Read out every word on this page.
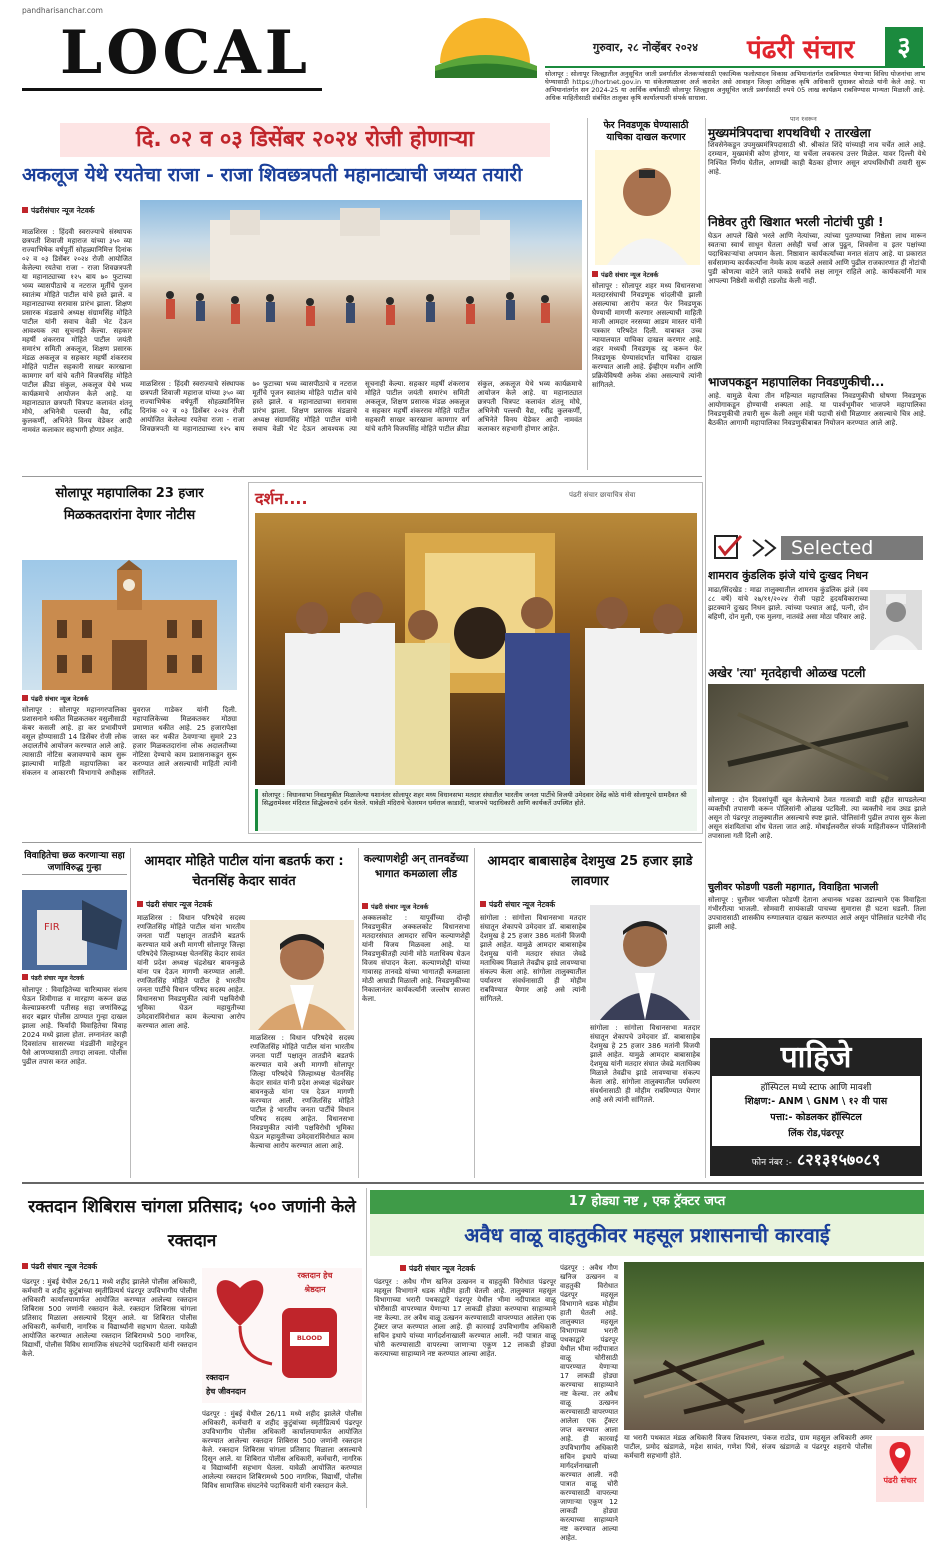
pandharisanchar.com
LOCAL	गुरुवार, २८ नोव्हेंबर २०२४ पंढरी संचार	३
सोलापूर : सोलापूर जिल्ह्यातील अनुसूचित जाती प्रवर्गातील शेतकऱ्यांसाठी एकात्मिक फलोत्पादन विकास अभियानांतर्गत राबविण्यात येणाऱ्या विविध योजनांचा लाभ घेण्यासाठी https://hortnet.gov.in या संकेतस्थळावर अर्ज करावेत असे आवाहन जिल्हा अधिक्षक कृषि अधिकारी सुधाकर बोराळे यांनी केले आहे. या अभियानांतर्गत सन 2024-25 या आर्थिक वर्षासाठी सोलापूर जिल्ह्यास अनुसूचित जाती प्रवर्गासाठी रुपये 05 लाख कार्यक्रम राबविण्यास मान्यता मिळाली आहे. अधिक माहितीसाठी संबंधित तालुका कृषि कार्यालयाशी संपर्क साधावा.
दि. ०२ व ०३ डिसेंबर २०२४ रोजी होणाऱ्या
अकलूज येथे रयतेचा राजा - राजा शिवछत्रपती महानाट्याची जय्यत तयारी
पंढरीसंचार न्यूज नेटवर्क
माळशिरस : हिंदवी स्वराज्याचे संस्थापक छत्रपती शिवाजी महाराज यांच्या ३५० व्या राज्याभिषेक वर्षपूर्ती सोहळ्यानिमित्त दिनांक ०२ व ०३ डिसेंबर २०२४ रोजी आयोजित केलेल्या रयतेचा राजा - राजा शिवछत्रपती या महानाट्याच्या १२५ बाय ७० फुटाच्या भव्य व्यासपीठाचे व नटराज मूर्तीचे पूजन स्वातंत्र्य मोहिते पाटील यांचे हस्ते झाले. व महानाट्याच्या सरावास प्रारंभ झाला. शिक्षण प्रसारक मंडळाचे अध्यक्ष संग्रामसिंह मोहिते पाटील यांनी सवाच वेळी भेट देऊन आवश्यक त्या सूचनाही केल्या. सहकार महर्षी शंकरराव मोहिते पाटील जयंती समारंभ समिती अकलूज, शिक्षण प्रसारक मंडळ अकलूज व सहकार महर्षी शंकरराव मोहिते पाटील सहकारी साखर कारखाना कामगार वर्ग यांचे वतीने विजयसिंह मोहिते पाटील क्रीडा संकुल, अकलूज येथे भव्य कार्यक्रमाचे आयोजन केले आहे. या महानाट्यात छत्रपती चित्रपट कलावंत शंतनू मोघे, अभिनेत्री पल्लवी वैद्य, रवींद्र कुलकर्णी, अभिनेते विनय येडेकर आदी नामवंत कलाकार सहभागी होणार आहेत.
माळशिरस : हिंदवी स्वराज्याचे संस्थापक छत्रपती शिवाजी महाराज यांच्या ३५० व्या राज्याभिषेक वर्षपूर्ती सोहळ्यानिमित्त दिनांक ०२ व ०३ डिसेंबर २०२४ रोजी आयोजित केलेल्या रयतेचा राजा - राजा शिवछत्रपती या महानाट्याच्या १२५ बाय ७० फुटाच्या भव्य व्यासपीठाचे व नटराज मूर्तीचे पूजन स्वातंत्र्य मोहिते पाटील यांचे हस्ते झाले. व महानाट्याच्या सरावास प्रारंभ झाला. शिक्षण प्रसारक मंडळाचे अध्यक्ष संग्रामसिंह मोहिते पाटील यांनी सवाच वेळी भेट देऊन आवश्यक त्या सूचनाही केल्या. सहकार महर्षी शंकरराव मोहिते पाटील जयंती समारंभ समिती अकलूज, शिक्षण प्रसारक मंडळ अकलूज व सहकार महर्षी शंकरराव मोहिते पाटील सहकारी साखर कारखाना कामगार वर्ग यांचे वतीने विजयसिंह मोहिते पाटील क्रीडा संकुल, अकलूज येथे भव्य कार्यक्रमाचे आयोजन केले आहे. या महानाट्यात छत्रपती चित्रपट कलावंत शंतनू मोघे, अभिनेत्री पल्लवी वैद्य, रवींद्र कुलकर्णी, अभिनेते विनय येडेकर आदी नामवंत कलाकार सहभागी होणार आहेत.
फेर निवडणूक घेण्यासाठी याचिका दाखल करणार
पंढरी संचार न्यूज नेटवर्क
सोलापूर : सोलापूर शहर मध्य विधानसभा मतदारसंघाची निवडणूक धांदलीची झाली असल्याचा आरोप करत फेर निवडणूक घेण्याची मागणी करणार असल्याची माहिती माजी आमदार नरसय्या आडम मास्तर यांनी पत्रकार परिषदेत दिली. याबाबत उच्च न्यायालयात याचिका दाखल करणार आहे. शहर मध्यची निवडणूक रद्द करून फेर निवडणूक घेण्यासंदर्भात याचिका दाखल करण्यात आली आहे. ईव्हीएम मशीन आणि प्रक्रियेविषयी अनेक शंका असल्याचे त्यांनी सांगितले.
पान १वरून
मुख्यमंत्रिपदाचा शपथविधी २ तारखेला
शिवसेनेकडून उपमुख्यमंत्रिपदासाठी श्री. श्रीकांत शिंदे यांच्याही नाव चर्चेत आले आहे. दरम्यान, मुख्यमंत्री कोण होणार, या चर्चेला लवकरच उत्तर मिळेल. यावर दिल्ली येथे निश्चित निर्णय घेतील, आणखी काही बैठका होणार असून शपथविधीची तयारी सुरू आहे.
निष्ठेवर तुरी खिशात भरली नोटांची पुडी !
घेऊन आपले खिसे भरले आणि नेत्यांच्या, त्यांच्या पुतण्याच्या निष्ठेला लाथ मारून स्वतःचा स्वार्थ साधून घेतला असेही चर्चा आज पुढून, शिवसेना व इतर पक्षांच्या पदाधिकाऱ्यांचा अपमान केला. निष्ठावान कार्यकर्त्यांच्या मनात संताप आहे. या प्रकारात सर्वसामान्य कार्यकर्त्यांना नेमके काय कळले असावे आणि पुढील राजकारणात ही नोटांची पुडी कोणत्या वाटेने जाते याकडे सर्वांचे लक्ष लागून राहिले आहे. कार्यकर्त्यांनी मात्र आपल्या निष्ठेशी कधीही तडजोड केली नाही.
भाजपकडून महापालिका निवडणुकीची...
आहे. यामुळे येत्या तीन महिन्यात महापालिका निवडणुकीची घोषणा निवडणूक आयोगाकडून होण्याची शक्यता आहे. या पार्श्वभूमीवर भाजपने महापालिका निवडणुकीची तयारी सुरू केली असून मंत्री पदाची संधी मिळणार असल्याचे चित्र आहे. बैठकीत आगामी महापालिका निवडणुकीबाबत नियोजन करण्यात आले आहे.
Selected
शामराव कुंडलिक झंजे यांचे दुःखद निधन
माढा/सिंदखेड : माढा तालुक्यातील शामराव कुंडलिक झंजे (वय ८८ वर्षे) यांचे २७/११/२०२४ रोजी पहाटे हृदयविकाराच्या झटक्याने दुःखद निधन झाले. त्यांच्या पश्चात आई, पत्नी, दोन बहिणी, दोन मुली, एक मुलगा, नातवंडे असा मोठा परिवार आहे.
अखेर 'त्या' मृतदेहाची ओळख पटली
सोलापूर : दोन दिवसांपूर्वी खून केलेल्याचे ठेवत गातवाडी वाडी हद्दीत सापडलेल्या व्यक्तीची तपासणी करून पोलिसांनी ओळख पटविली. त्या व्यक्तीचे नाव उघड झाले असून तो पंढरपूर तालुक्यातील असल्याचे स्पष्ट झाले. पोलिसांनी पुढील तपास सुरू केला असून संशयितांचा शोध घेतला जात आहे. मोबाईलवरील संपर्क माहितीवरून पोलिसांनी तपासाला गती दिली आहे.
चुलीवर फोडणी पडली महागात, विवाहिता भाजली
सोलापूर : चुलीवर भाजीला फोडणी देताना अचानक भडका उडाल्याने एक विवाहिता गंभीररीत्या भाजली. सोमवारी सायंकाळी पाचच्या सुमारास ही घटना घडली. तिला उपचारासाठी शासकीय रुग्णालयात दाखल करण्यात आले असून पोलिसांत घटनेची नोंद झाली आहे.
पाहिजे
हॉस्पिटल मध्ये स्टाफ आणि मावशी
शिक्षण:- ANM \ GNM \ १२ वी पास
पत्ता:- कोडलकर हॉस्पिटल
लिंक रोड,पंढरपूर
फोन नंबर :- ८२१३१५७०८९
सोलापूर महापालिका 23 हजार मिळकतदारांना देणार नोटीस
पंढरी संचार न्यूज नेटवर्क
सोलापूर : सोलापूर महानगरपालिका प्रशासनाने थकीत मिळकतकर वसुलीसाठी कंबर कसली आहे. हा कर प्रभावीपणे वसूल होण्यासाठी 14 डिसेंबर रोजी लोक अदालतीचे आयोजन करण्यात आले आहे. त्यासाठी नोटिस बजावण्याचे काम सुरू झाल्याची माहिती महापालिका कर संकलन व आकारणी विभागाचे अधीक्षक युवराज गाडेकर यांनी दिली. महापालिकेच्या मिळकतकर मोठ्या प्रमाणात थकीत आहे. 25 हजारापेक्षा जास्त कर थकीत ठेवणाऱ्या सुमारे 23 हजार मिळकतदारांना लोक अदालतीच्या नोटिसा देण्याचे काम प्रशासनाकडून सुरू करण्यात आले असल्याची माहिती त्यांनी सांगितले.
दर्शन....	पंढरी संचार छायाचित्र सेवा
सोलापूर : विधानसभा निवडणुकीत मिळालेल्या यशानंतर सोलापूर शहर मध्य विधानसभा मतदार संघातील भारतीय जनता पार्टीचे विजयी उमेदवार देवेंद्र कोठे यांनी सोलापूरचे ग्रामदैवत श्री सिद्धरामेश्वर मंदिरात सिद्धेश्वराचे दर्शन घेतले. यावेळी मंदिराचे चेअरमन धर्मराज काडादी, भाजपचे पदाधिकारी आणि कार्यकर्ते उपस्थित होते.
विवाहितेचा छळ करणाऱ्या सहा जणांविरुद्ध गुन्हा
FIR
पंढरी संचार न्यूज नेटवर्क
सोलापूर : विवाहितेच्या चारित्र्यावर संशय घेऊन शिवीगाळ व मारहाण करून छळ केल्याप्रकरणी पतीसह सहा जणांविरुद्ध सदर बझार पोलीस ठाण्यात गुन्हा दाखल झाला आहे. फिर्यादी विवाहितेचा विवाह 2024 मध्ये झाला होता. लग्नानंतर काही दिवसांतच सासरच्या मंडळींनी माहेरहून पैसे आणण्यासाठी तगादा लावला. पोलीस पुढील तपास करत आहेत.
आमदार मोहिते पाटील यांना बडतर्फ करा : चेतनसिंह केदार सावंत
पंढरी संचार न्यूज नेटवर्क
माळशिरस : विधान परिषदेचे सदस्य रणजितसिंह मोहिते पाटील यांना भारतीय जनता पार्टी पक्षातून तातडीने बडतर्फ करण्यात यावे अशी मागणी सोलापूर जिल्हा परिषदेचे जिल्हाध्यक्ष चेतनसिंह केदार सावंत यांनी प्रदेश अध्यक्ष चंद्रशेखर बावनकुळे यांना पत्र देऊन मागणी करण्यात आली. रणजितसिंह मोहिते पाटील हे भारतीय जनता पार्टीचे विधान परिषद सदस्य आहेत. विधानसभा निवडणुकीत त्यांनी पक्षविरोधी भूमिका घेऊन महायुतीच्या उमेदवारांविरोधात काम केल्याचा आरोप करण्यात आला आहे.
माळशिरस : विधान परिषदेचे सदस्य रणजितसिंह मोहिते पाटील यांना भारतीय जनता पार्टी पक्षातून तातडीने बडतर्फ करण्यात यावे अशी मागणी सोलापूर जिल्हा परिषदेचे जिल्हाध्यक्ष चेतनसिंह केदार सावंत यांनी प्रदेश अध्यक्ष चंद्रशेखर बावनकुळे यांना पत्र देऊन मागणी करण्यात आली. रणजितसिंह मोहिते पाटील हे भारतीय जनता पार्टीचे विधान परिषद सदस्य आहेत. विधानसभा निवडणुकीत त्यांनी पक्षविरोधी भूमिका घेऊन महायुतीच्या उमेदवारांविरोधात काम केल्याचा आरोप करण्यात आला आहे.
कल्याणशेट्टी अन् तानवडेंच्या भागात कमळाला लीड
पंढरी संचार न्यूज नेटवर्क
अक्कलकोट : यापूर्वीच्या दोन्ही निवडणुकीत अक्कलकोट विधानसभा मतदारसंघात आमदार सचिन कल्याणशेट्टी यांनी विजय मिळवला आहे. या निवडणुकीतही त्यांनी मोठे मताधिक्य घेऊन विजय संपादन केला. कल्याणशेट्टी यांच्या गावासह तानवडे यांच्या भागातही कमळाला मोठी आघाडी मिळाली आहे. निवडणुकीच्या निकालानंतर कार्यकर्त्यांनी जल्लोष साजरा केला.
आमदार बाबासाहेब देशमुख 25 हजार झाडे लावणार
पंढरी संचार न्यूज नेटवर्क
सांगोला : सांगोला विधानसभा मतदार संघातून शेकापचे उमेदवार डॉ. बाबासाहेब देशमुख हे 25 हजार 386 मतांनी विजयी झाले आहेत. यामुळे आमदार बाबासाहेब देशमुख यांनी मतदार संघात जेवढे मताधिक्य मिळाले तेवढीच झाडे लावण्याचा संकल्प केला आहे. सांगोला तालुक्यातील पर्यावरण संवर्धनासाठी ही मोहीम राबविण्यात येणार आहे असे त्यांनी सांगितले.
सांगोला : सांगोला विधानसभा मतदार संघातून शेकापचे उमेदवार डॉ. बाबासाहेब देशमुख हे 25 हजार 386 मतांनी विजयी झाले आहेत. यामुळे आमदार बाबासाहेब देशमुख यांनी मतदार संघात जेवढे मताधिक्य मिळाले तेवढीच झाडे लावण्याचा संकल्प केला आहे. सांगोला तालुक्यातील पर्यावरण संवर्धनासाठी ही मोहीम राबविण्यात येणार आहे असे त्यांनी सांगितले.
रक्तदान शिबिरास चांगला प्रतिसाद; ५०० जणांनी केले रक्तदान
पंढरी संचार न्यूज नेटवर्क
पंढरपूर : मुंबई येथील 26/11 मध्ये शहीद झालेले पोलीस अधिकारी, कर्मचारी व शहीद कुटुंबांच्या स्मृतीप्रित्यर्थ पंढरपूर उपविभागीय पोलीस अधिकारी कार्यालयामार्फत आयोजित करण्यात आलेल्या रक्तदान शिबिरास 500 जणांनी रक्तदान केले. रक्तदान शिबिरास चांगला प्रतिसाद मिळाला असल्याचे दिसून आले. या शिबिरात पोलीस अधिकारी, कर्मचारी, नागरिक व विद्यार्थ्यांनी सहभाग घेतला. यावेळी आयोजित करण्यात आलेल्या रक्तदान शिबिरामध्ये 500 नागरिक, विद्यार्थी, पोलीस विविध सामाजिक संघटनेचे पदाधिकारी यांनी रक्तदान केले.
रक्तदान हेच
श्रेष्ठदान
BLOOD
रक्तदान
हेच जीवनदान
पंढरपूर : मुंबई येथील 26/11 मध्ये शहीद झालेले पोलीस अधिकारी, कर्मचारी व शहीद कुटुंबांच्या स्मृतीप्रित्यर्थ पंढरपूर उपविभागीय पोलीस अधिकारी कार्यालयामार्फत आयोजित करण्यात आलेल्या रक्तदान शिबिरास 500 जणांनी रक्तदान केले. रक्तदान शिबिरास चांगला प्रतिसाद मिळाला असल्याचे दिसून आले. या शिबिरात पोलीस अधिकारी, कर्मचारी, नागरिक व विद्यार्थ्यांनी सहभाग घेतला. यावेळी आयोजित करण्यात आलेल्या रक्तदान शिबिरामध्ये 500 नागरिक, विद्यार्थी, पोलीस विविध सामाजिक संघटनेचे पदाधिकारी यांनी रक्तदान केले.
17 होड्या नष्ट , एक ट्रॅक्टर जप्त
अवैध वाळू वाहतुकीवर महसूल प्रशासनाची कारवाई
पंढरी संचार न्यूज नेटवर्क
पंढरपूर : अवैध गौण खनिज उत्खनन व वाहतुकी विरोधात पंढरपूर महसूल विभागाने धडक मोहीम हाती घेतली आहे. तालुक्यात महसूल विभागाच्या भरारी पथकाद्वारे पंढरपूर येथील भीमा नदीपात्रात वाळू चोरीसाठी वापरण्यात येणाऱ्या 17 लाकडी होड्या करण्याचा साहाय्याने नष्ट केल्या. तर अवैध वाळू उत्खनन करण्यासाठी वापरण्यात आलेला एक ट्रॅक्टर जप्त करण्यात आला आहे. ही कारवाई उपविभागीय अधिकारी सचिन इथापे यांच्या मार्गदर्शनाखाली करण्यात आली. नदी पात्रात वाळू चोरी करण्यासाठी वापरल्या जाणाऱ्या एकूण 12 लाकडी होड्या करत्याच्या साहाय्याने नष्ट करण्यात आल्या आहेत.
पंढरपूर : अवैध गौण खनिज उत्खनन व वाहतुकी विरोधात पंढरपूर महसूल विभागाने धडक मोहीम हाती घेतली आहे. तालुक्यात महसूल विभागाच्या भरारी पथकाद्वारे पंढरपूर येथील भीमा नदीपात्रात वाळू चोरीसाठी वापरण्यात येणाऱ्या 17 लाकडी होड्या करण्याचा साहाय्याने नष्ट केल्या. तर अवैध वाळू उत्खनन करण्यासाठी वापरण्यात आलेला एक ट्रॅक्टर जप्त करण्यात आला आहे. ही कारवाई उपविभागीय अधिकारी सचिन इथापे यांच्या मार्गदर्शनाखाली करण्यात आली. नदी पात्रात वाळू चोरी करण्यासाठी वापरल्या जाणाऱ्या एकूण 12 लाकडी होड्या करत्याच्या साहाय्याने नष्ट करण्यात आल्या आहेत.
या भरारी पथकात मंडळ अधिकारी विजय शिवशरण, पंकज राठोड, ग्राम महसूल अधिकारी अमर पाटील, प्रमोद खंडागळे, महेश सावंत, गणेश पिसे, संजय खंडागळे व पंढरपूर शहराचे पोलीस कर्मचारी सहभागी होते.
पंढरी संचार
